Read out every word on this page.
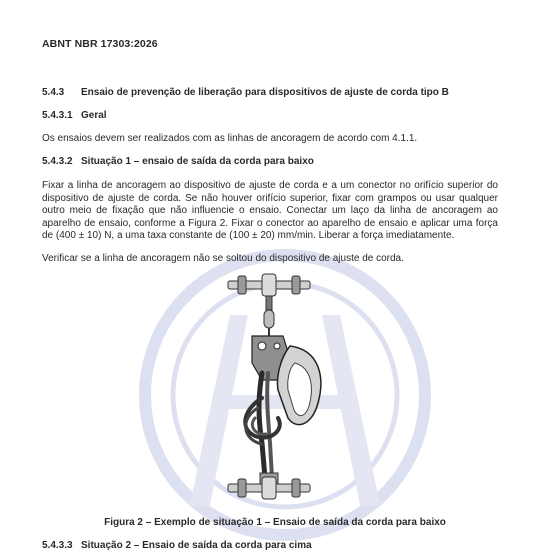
ABNT NBR 17303:2026
5.4.3 Ensaio de prevenção de liberação para dispositivos de ajuste de corda tipo B
5.4.3.1 Geral
Os ensaios devem ser realizados com as linhas de ancoragem de acordo com 4.1.1.
5.4.3.2 Situação 1 – ensaio de saída da corda para baixo
Fixar a linha de ancoragem ao dispositivo de ajuste de corda e a um conector no orifício superior do dispositivo de ajuste de corda. Se não houver orifício superior, fixar com grampos ou usar qualquer outro meio de fixação que não influencie o ensaio. Conectar um laço da linha de ancoragem ao aparelho de ensaio, conforme a Figura 2. Fixar o conector ao aparelho de ensaio e aplicar uma força de (400 ± 10) N, a uma taxa constante de (100 ± 20) mm/min. Liberar a força imediatamente.
Verificar se a linha de ancoragem não se soltou do dispositivo de ajuste de corda.
Figura 2 – Exemplo de situação 1 – Ensaio de saída da corda para baixo
5.4.3.3 Situação 2 – Ensaio de saída da corda para cima
